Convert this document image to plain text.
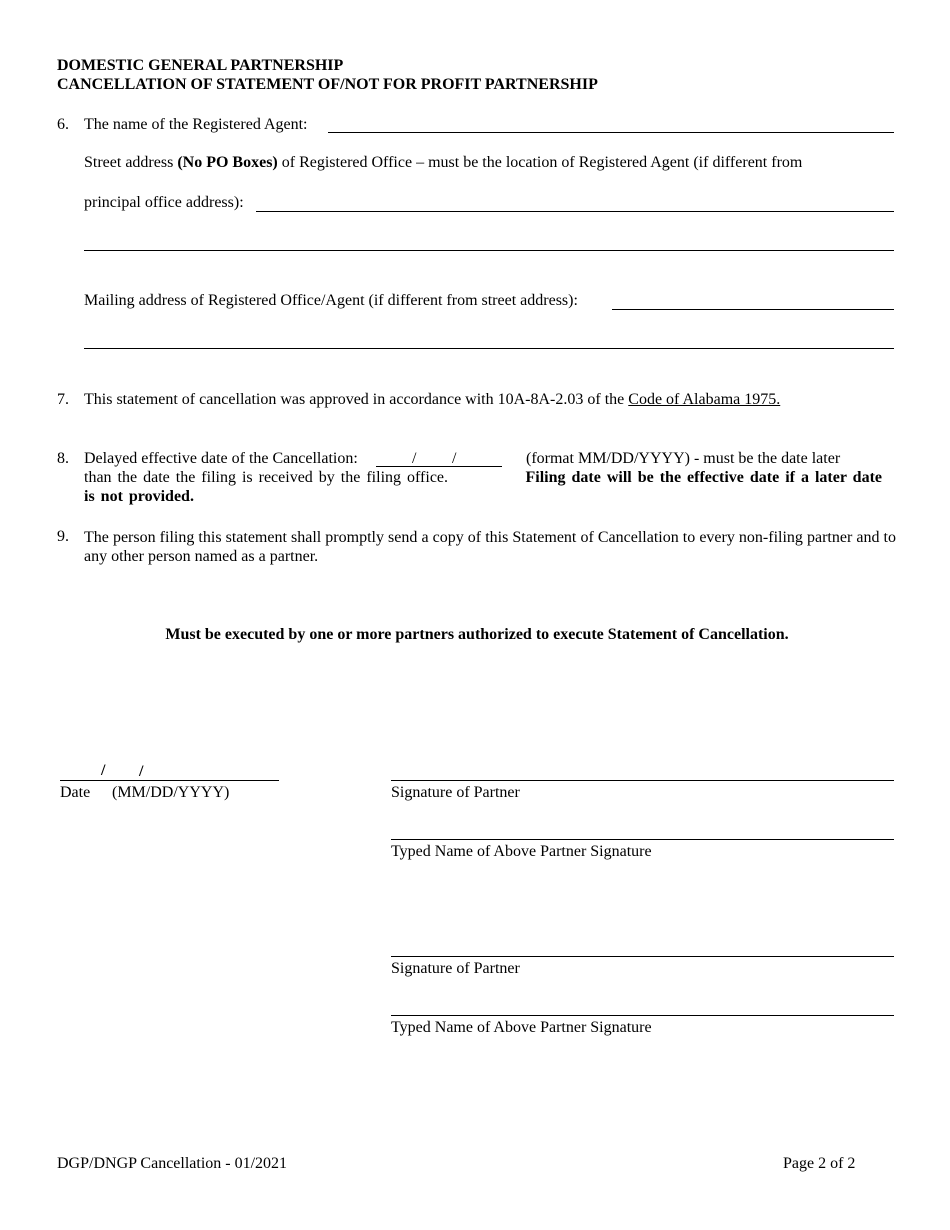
DOMESTIC GENERAL PARTNERSHIP
CANCELLATION OF STATEMENT OF/NOT FOR PROFIT PARTNERSHIP
6. The name of the Registered Agent:
Street address (No PO Boxes) of Registered Office – must be the location of Registered Agent (if different from
principal office address):
Mailing address of Registered Office/Agent (if different from street address):
7. This statement of cancellation was approved in accordance with 10A-8A-2.03 of the Code of Alabama 1975.
8. Delayed effective date of the Cancellation:	/ /	(format MM/DD/YYYY) - must be the date later
than the date the filing is received by the filing office.	Filing date will be the effective date if a later date
is not provided.
9. The person filing this statement shall promptly send a copy of this Statement of Cancellation to every non-filing partner and to any other person named as a partner.
Must be executed by one or more partners authorized to execute Statement of Cancellation.
/ /
Date (MM/DD/YYYY)	Signature of Partner
Typed Name of Above Partner Signature
Signature of Partner
Typed Name of Above Partner Signature
DGP/DNGP Cancellation - 01/2021	Page 2 of 2
